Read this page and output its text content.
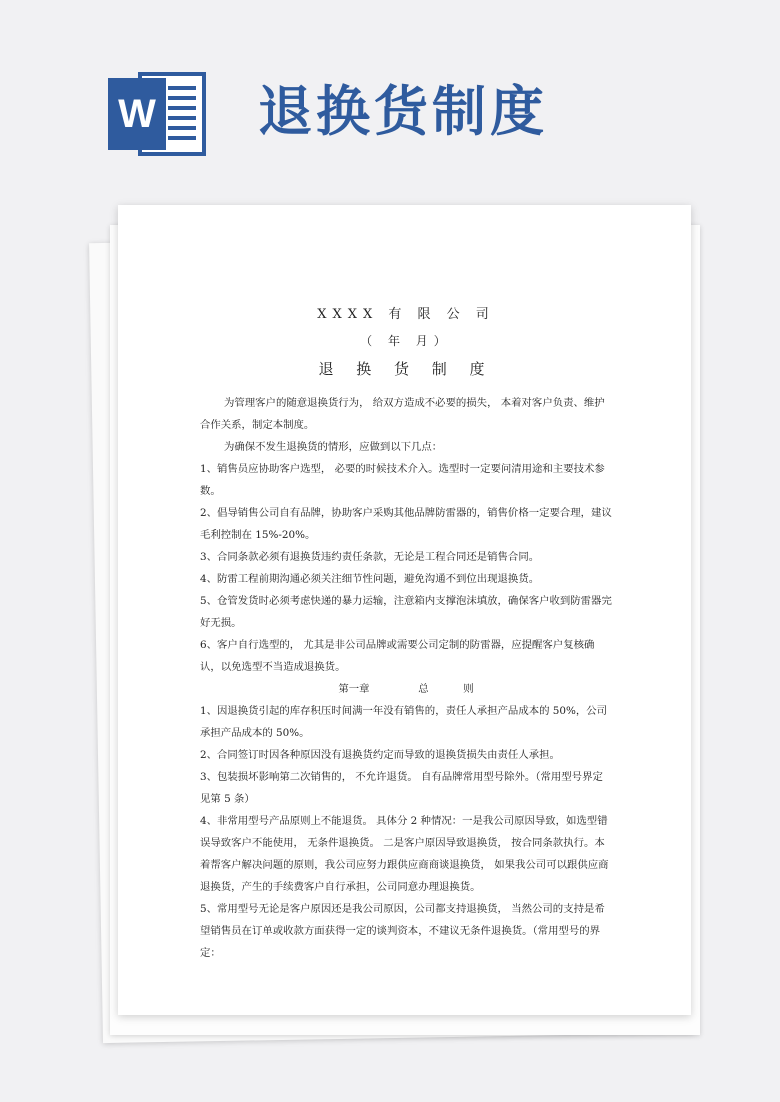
W 退换货制度
XXXX 有 限 公 司
（ 年 月）
退 换 货 制 度

为管理客户的随意退换货行为， 给双方造成不必要的损失， 本着对客户负责、维护合作关系，制定本制度。

为确保不发生退换货的情形，应做到以下几点：

1、销售员应协助客户选型， 必要的时候技术介入。选型时一定要问清用途和主要技术参数。

2、倡导销售公司自有品牌，协助客户采购其他品牌防雷器的，销售价格一定要合理，建议毛利控制在 15%-20%。

3、合同条款必须有退换货违约责任条款，无论是工程合同还是销售合同。

4、防雷工程前期沟通必须关注细节性问题，避免沟通不到位出现退换货。

5、仓管发货时必须考虑快递的暴力运输，注意箱内支撑泡沫填放，确保客户收到防雷器完好无损。

6、客户自行选型的， 尤其是非公司品牌或需要公司定制的防雷器，应提醒客户复核确认，以免选型不当造成退换货。

第一章	总	则

1、因退换货引起的库存积压时间满一年没有销售的，责任人承担产品成本的 50%，公司承担产品成本的 50%。

2、合同签订时因各种原因没有退换货约定而导致的退换货损失由责任人承担。

3、包装损坏影响第二次销售的， 不允许退货。 自有品牌常用型号除外。（常用型号界定见第 5 条）

4、非常用型号产品原则上不能退货。 具体分 2 种情况：一是我公司原因导致，如选型错误导致客户不能使用， 无条件退换货。 二是客户原因导致退换货， 按合同条款执行。本着帮客户解决问题的原则，我公司应努力跟供应商商谈退换货， 如果我公司可以跟供应商退换货，产生的手续费客户自行承担，公司同意办理退换货。

5、常用型号无论是客户原因还是我公司原因，公司都支持退换货， 当然公司的支持是希望销售员在订单或收款方面获得一定的谈判资本，不建议无条件退换货。（常用型号的界定：
